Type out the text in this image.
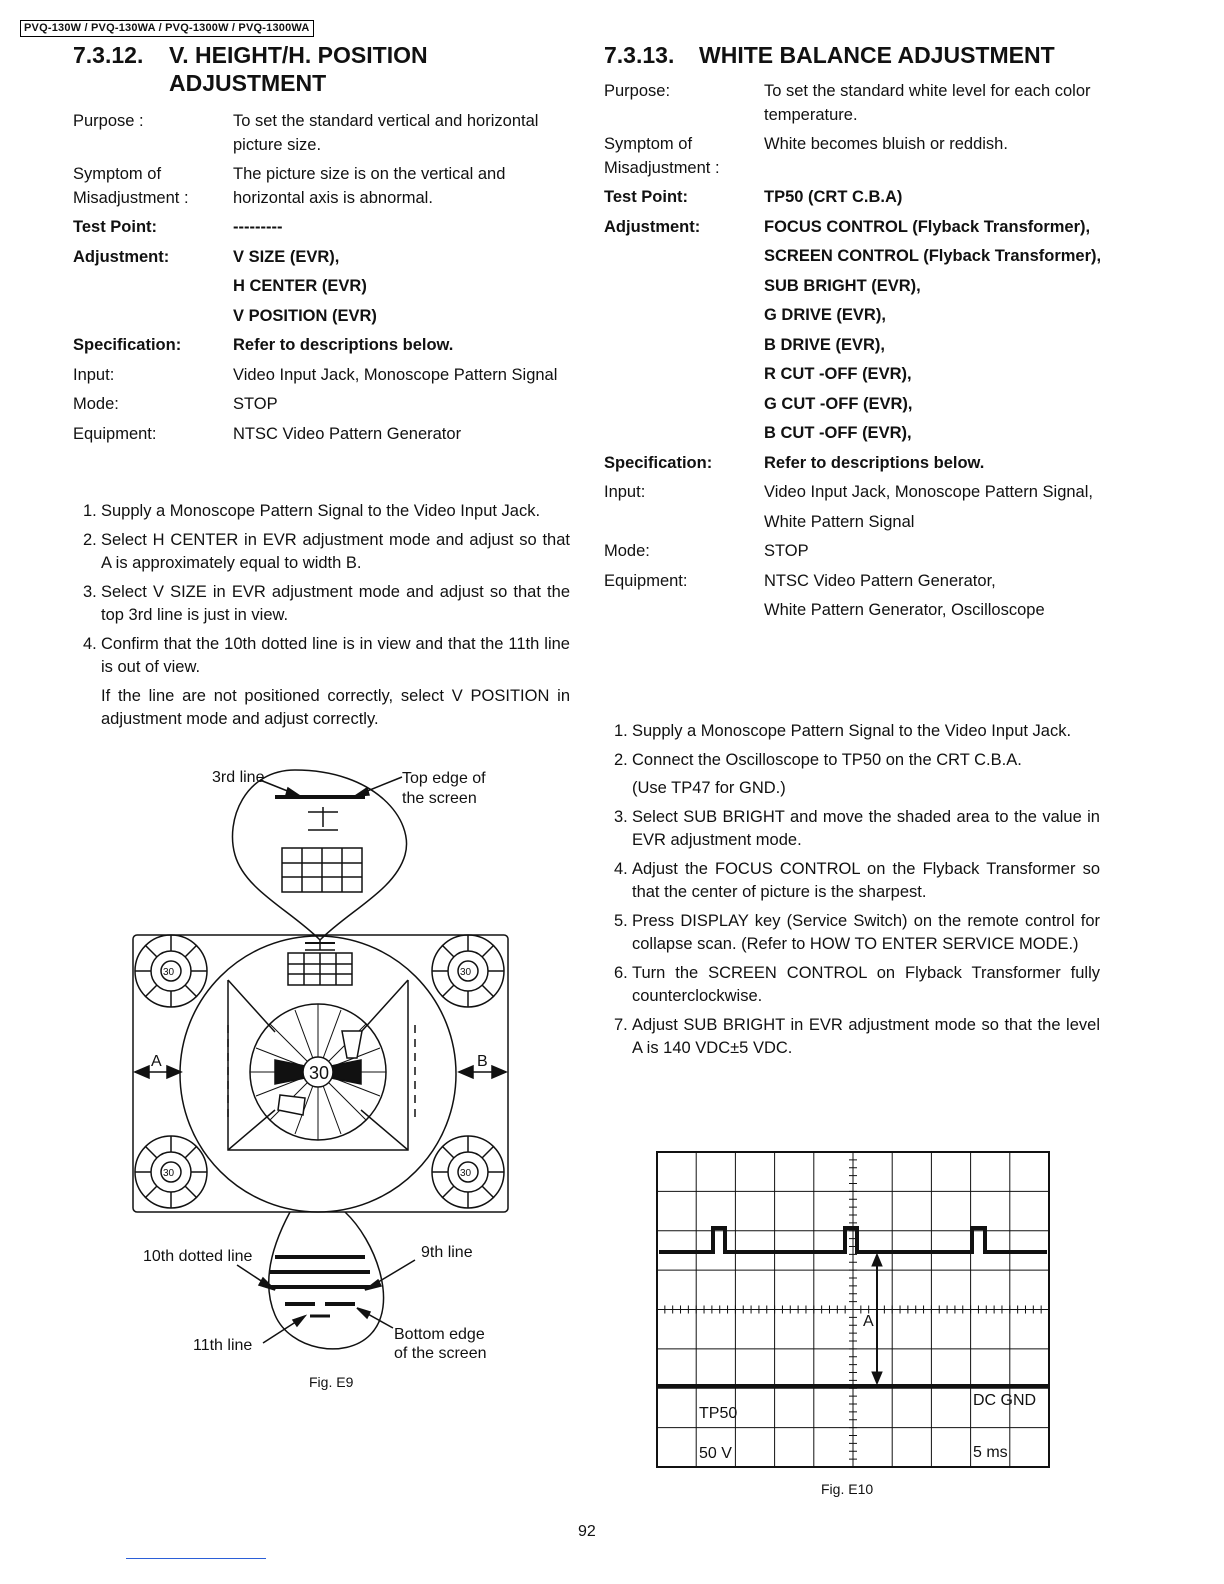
PVQ-130W / PVQ-130WA / PVQ-1300W / PVQ-1300WA
7.3.12. V. HEIGHT/H. POSITION
ADJUSTMENT
Purpose :	To set the standard vertical and horizontal picture size.
Symptom of Misadjustment :
The picture size is on the vertical and horizontal axis is abnormal.
Test Point:	---------
Adjustment:	V SIZE (EVR),
H CENTER (EVR)
V POSITION (EVR)
Specification:	Refer to descriptions below.
Input:	Video Input Jack, Monoscope Pattern Signal
Mode:	STOP
Equipment:	NTSC Video Pattern Generator
1. Supply a Monoscope Pattern Signal to the Video Input Jack.
2. Select H CENTER in EVR adjustment mode and adjust so that A is approximately equal to width B.
3. Select V SIZE in EVR adjustment mode and adjust so that the top 3rd line is just in view.
4. Confirm that the 10th dotted line is in view and that the 11th line is out of view.
If the line are not positioned correctly, select V POSITION in adjustment mode and adjust correctly.
3rd line	Top edge of
the screen
A	B
30
30	30
30	30
10th dotted line	9th line
11th line
Bottom edge
of the screen
Fig. E9
7.3.13. WHITE BALANCE ADJUSTMENT
Purpose:	To set the standard white level for each color temperature.
Symptom of Misadjustment :
White becomes bluish or reddish.
Test Point:	TP50 (CRT C.B.A)
Adjustment:	FOCUS CONTROL (Flyback Transformer),
SCREEN CONTROL (Flyback Transformer),
SUB BRIGHT (EVR),
G DRIVE (EVR),
B DRIVE (EVR),
R CUT -OFF (EVR),
G CUT -OFF (EVR),
B CUT -OFF (EVR),
Specification:	Refer to descriptions below.
Input:	Video Input Jack, Monoscope Pattern Signal,
White Pattern Signal
Mode:	STOP
Equipment:	NTSC Video Pattern Generator,
White Pattern Generator, Oscilloscope
1. Supply a Monoscope Pattern Signal to the Video Input Jack.
2. Connect the Oscilloscope to TP50 on the CRT C.B.A.
(Use TP47 for GND.)
3. Select SUB BRIGHT and move the shaded area to the value in EVR adjustment mode.
4. Adjust the FOCUS CONTROL on the Flyback Transformer so that the center of picture is the sharpest.
5. Press DISPLAY key (Service Switch) on the remote control for collapse scan. (Refer to HOW TO ENTER SERVICE MODE.)
6. Turn the SCREEN CONTROL on Flyback Transformer fully counterclockwise.
7. Adjust SUB BRIGHT in EVR adjustment mode so that the level A is 140 VDC±5 VDC.
A
DC GND
TP50
50 V	5 ms
Fig. E10
92
